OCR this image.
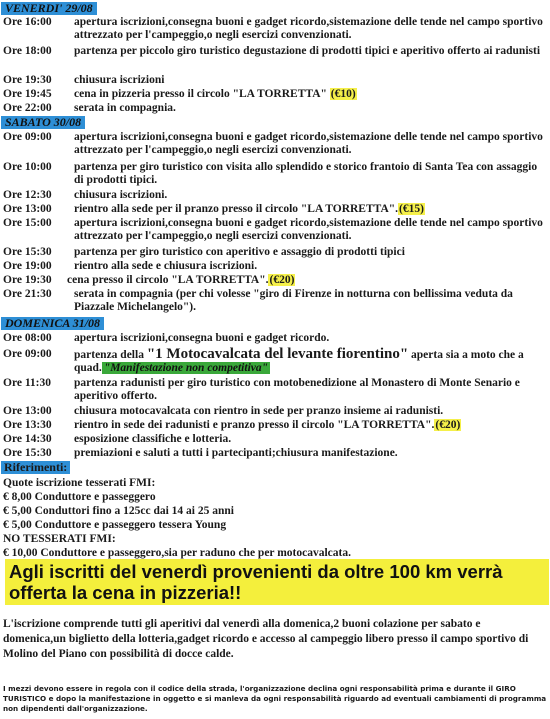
VENERDI' 29/08
Ore 16:00 apertura iscrizioni,consegna buoni e gadget ricordo,sistemazione delle tende nel campo sportivo attrezzato per l'campeggio,o negli esercizi convenzionati.
Ore 18:00 partenza per piccolo giro turistico degustazione di prodotti tipici e aperitivo offerto ai radunisti
Ore 19:30 chiusura iscrizioni
Ore 19:45 cena in pizzeria presso il circolo "LA TORRETTA" (€10)
Ore 22:00 serata in compagnia.
SABATO 30/08
Ore 09:00 apertura iscrizioni,consegna buoni e gadget ricordo,sistemazione delle tende nel campo sportivo attrezzato per l'campeggio,o negli esercizi convenzionati.
Ore 10:00 partenza per giro turistico con visita allo splendido e storico frantoio di Santa Tea con assaggio di prodotti tipici.
Ore 12:30 chiusura iscrizioni.
Ore 13:00 rientro alla sede per il pranzo presso il circolo "LA TORRETTA".(€15)
Ore 15:00 apertura iscrizioni,consegna buoni e gadget ricordo,sistemazione delle tende nel campo sportivo attrezzato per l'campeggio,o negli esercizi convenzionati.
Ore 15:30 partenza per giro turistico con aperitivo e assaggio di prodotti tipici
Ore 19:00 rientro alla sede e chiusura iscrizioni.
Ore 19:30 cena presso il circolo "LA TORRETTA".(€20)
Ore 21:30 serata in compagnia (per chi volesse "giro di Firenze in notturna con bellissima veduta da Piazzale Michelangelo").
DOMENICA 31/08
Ore 08:00 apertura iscrizioni,consegna buoni e gadget ricordo.
Ore 09:00 partenza della "1 Motocavalcata del levante fiorentino" aperta sia a moto che a quad. "Manifestazione non competitiva"
Ore 11:30 partenza radunisti per giro turistico con motobenedizione al Monastero di Monte Senario e aperitivo offerto.
Ore 13:00 chiusura motocavalcata con rientro in sede per pranzo insieme ai radunisti.
Ore 13:30 rientro in sede dei radunisti e pranzo presso il circolo "LA TORRETTA".(€20)
Ore 14:30 esposizione classifiche e lotteria.
Ore 15:30 premiazioni e saluti a tutti i partecipanti;chiusura manifestazione.
Riferimenti:
Quote iscrizione tesserati FMI:
€ 8,00 Conduttore e passeggero
€ 5,00 Conduttori fino a 125cc dai 14 ai 25 anni
€ 5,00 Conduttore e passeggero tessera Young
NO TESSERATI FMI:
€ 10,00 Conduttore e passeggero,sia per raduno che per motocavalcata.
Agli iscritti del venerdì provenienti da oltre 100 km verrà offerta la cena in pizzeria!!
L'iscrizione comprende tutti gli aperitivi dal venerdì alla domenica,2 buoni colazione per sabato e domenica,un biglietto della lotteria,gadget ricordo e accesso al campeggio libero presso il campo sportivo di Molino del Piano con possibilità di docce calde.
I mezzi devono essere in regola con il codice della strada, l'organizzazione declina ogni responsabilità prima e durante il GIRO TURISTICO e dopo la manifestazione in oggetto e si manleva da ogni responsabilità riguardo ad eventuali cambiamenti di programma non dipendenti dall'organizzazione.
